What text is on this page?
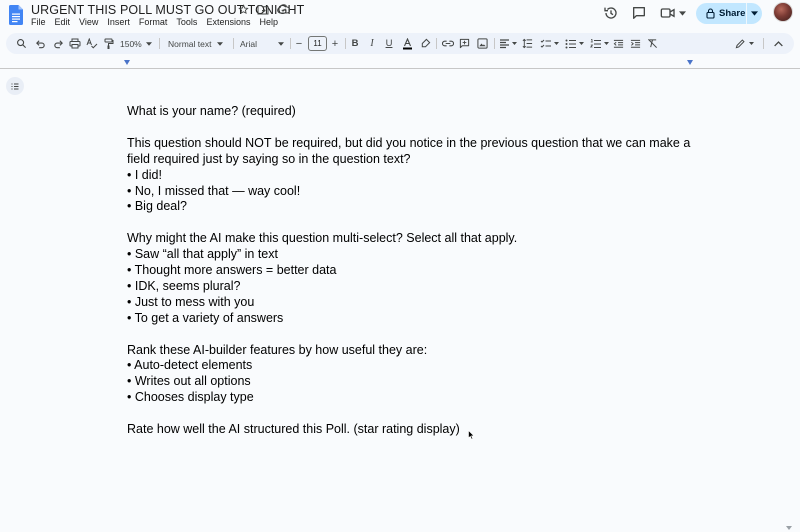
URGENT THIS POLL MUST GO OUT TONIGHT
File Edit View Insert Format Tools Extensions Help
Share
150%	Normal text	Arial	−	11 + B	I	U

What is your name? (required)

This question should NOT be required, but did you notice in the previous question that we can make a

field required just by saying so in the question text?

• I did!

• No, I missed that — way cool!

• Big deal?

Why might the AI make this question multi-select? Select all that apply.

• Saw “all that apply” in text

• Thought more answers = better data

• IDK, seems plural?

• Just to mess with you

• To get a variety of answers

Rank these AI-builder features by how useful they are:

• Auto-detect elements

• Writes out all options

• Chooses display type

Rate how well the AI structured this Poll. (star rating display)
